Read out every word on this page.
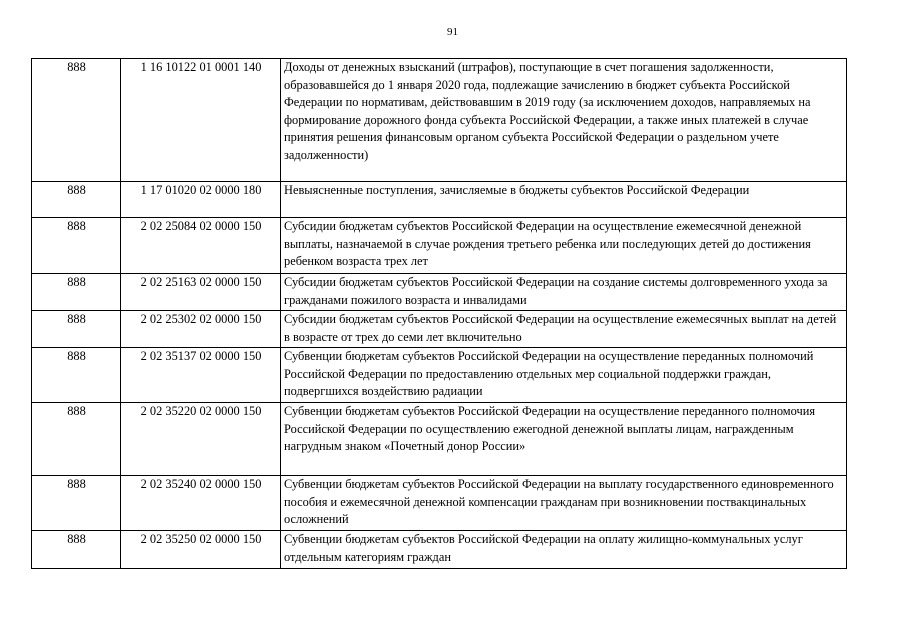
91
888	1 16 10122 01 0001 140	Доходы от денежных взысканий (штрафов), поступающие в счет погашения задолженности, образовавшейся до 1 января 2020 года, подлежащие зачислению в бюджет субъекта Российской Федерации по нормативам, действовавшим в 2019 году (за исключением доходов, направляемых на формирование дорожного фонда субъекта Российской Федерации, а также иных платежей в случае принятия решения финансовым органом субъекта Российской Федерации о раздельном учете задолженности)
888	1 17 01020 02 0000 180	Невыясненные поступления, зачисляемые в бюджеты субъектов Российской Федерации
888	2 02 25084 02 0000 150	Субсидии бюджетам субъектов Российской Федерации на осуществление ежемесячной денежной выплаты, назначаемой в случае рождения третьего ребенка или последующих детей до достижения ребенком возраста трех лет
888	2 02 25163 02 0000 150	Субсидии бюджетам субъектов Российской Федерации на создание системы долговременного ухода за гражданами пожилого возраста и инвалидами
888	2 02 25302 02 0000 150	Субсидии бюджетам субъектов Российской Федерации на осуществление ежемесячных выплат на детей в возрасте от трех до семи лет включительно
888	2 02 35137 02 0000 150	Субвенции бюджетам субъектов Российской Федерации на осуществление переданных полномочий Российской Федерации по предоставлению отдельных мер социальной поддержки граждан, подвергшихся воздействию радиации
888	2 02 35220 02 0000 150	Субвенции бюджетам субъектов Российской Федерации на осуществление переданного полномочия Российской Федерации по осуществлению ежегодной денежной выплаты лицам, награжденным нагрудным знаком «Почетный донор России»
888	2 02 35240 02 0000 150	Субвенции бюджетам субъектов Российской Федерации на выплату государственного единовременного пособия и ежемесячной денежной компенсации гражданам при возникновении поствакцинальных осложнений
888	2 02 35250 02 0000 150	Субвенции бюджетам субъектов Российской Федерации на оплату жилищно-коммунальных услуг отдельным категориям граждан
